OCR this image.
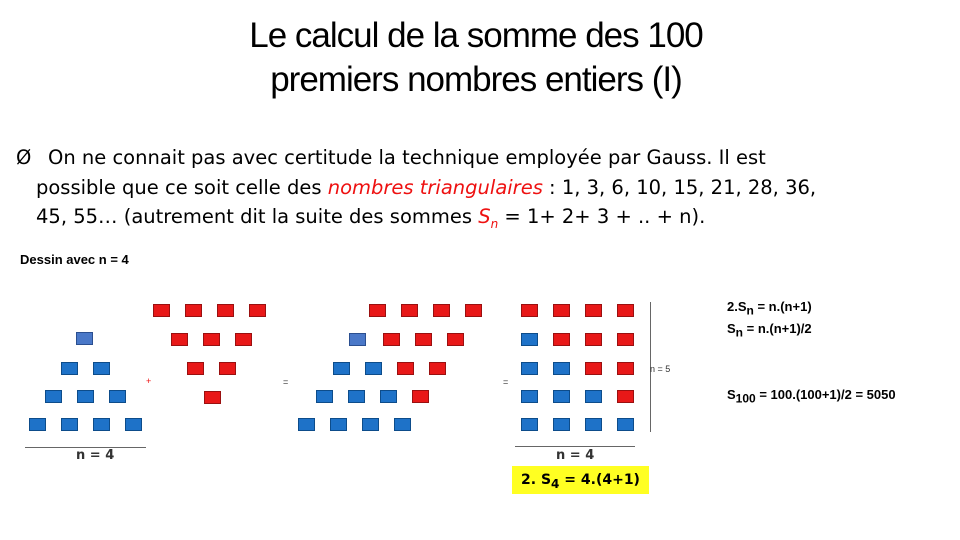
Le calcul de la somme des 100
premiers nombres entiers (I)
Ø On ne connait pas avec certitude la technique employée par Gauss. Il est
possible que ce soit celle des nombres triangulaires : 1, 3, 6, 10, 15, 21, 28, 36,
45, 55… (autrement dit la suite des sommes $S_n = 1+ 2+ 3$ + .. + n).
Dessin avec n = 4
+	=	=
n = 5
n = 4	n = 4
$2.S_n = n.(n+1)$
$S_n = n.(n+1)/2$
$S_{100} = 100.(100+1)/2 = 5050$
2. $S_4 = 4.(4+1)$
